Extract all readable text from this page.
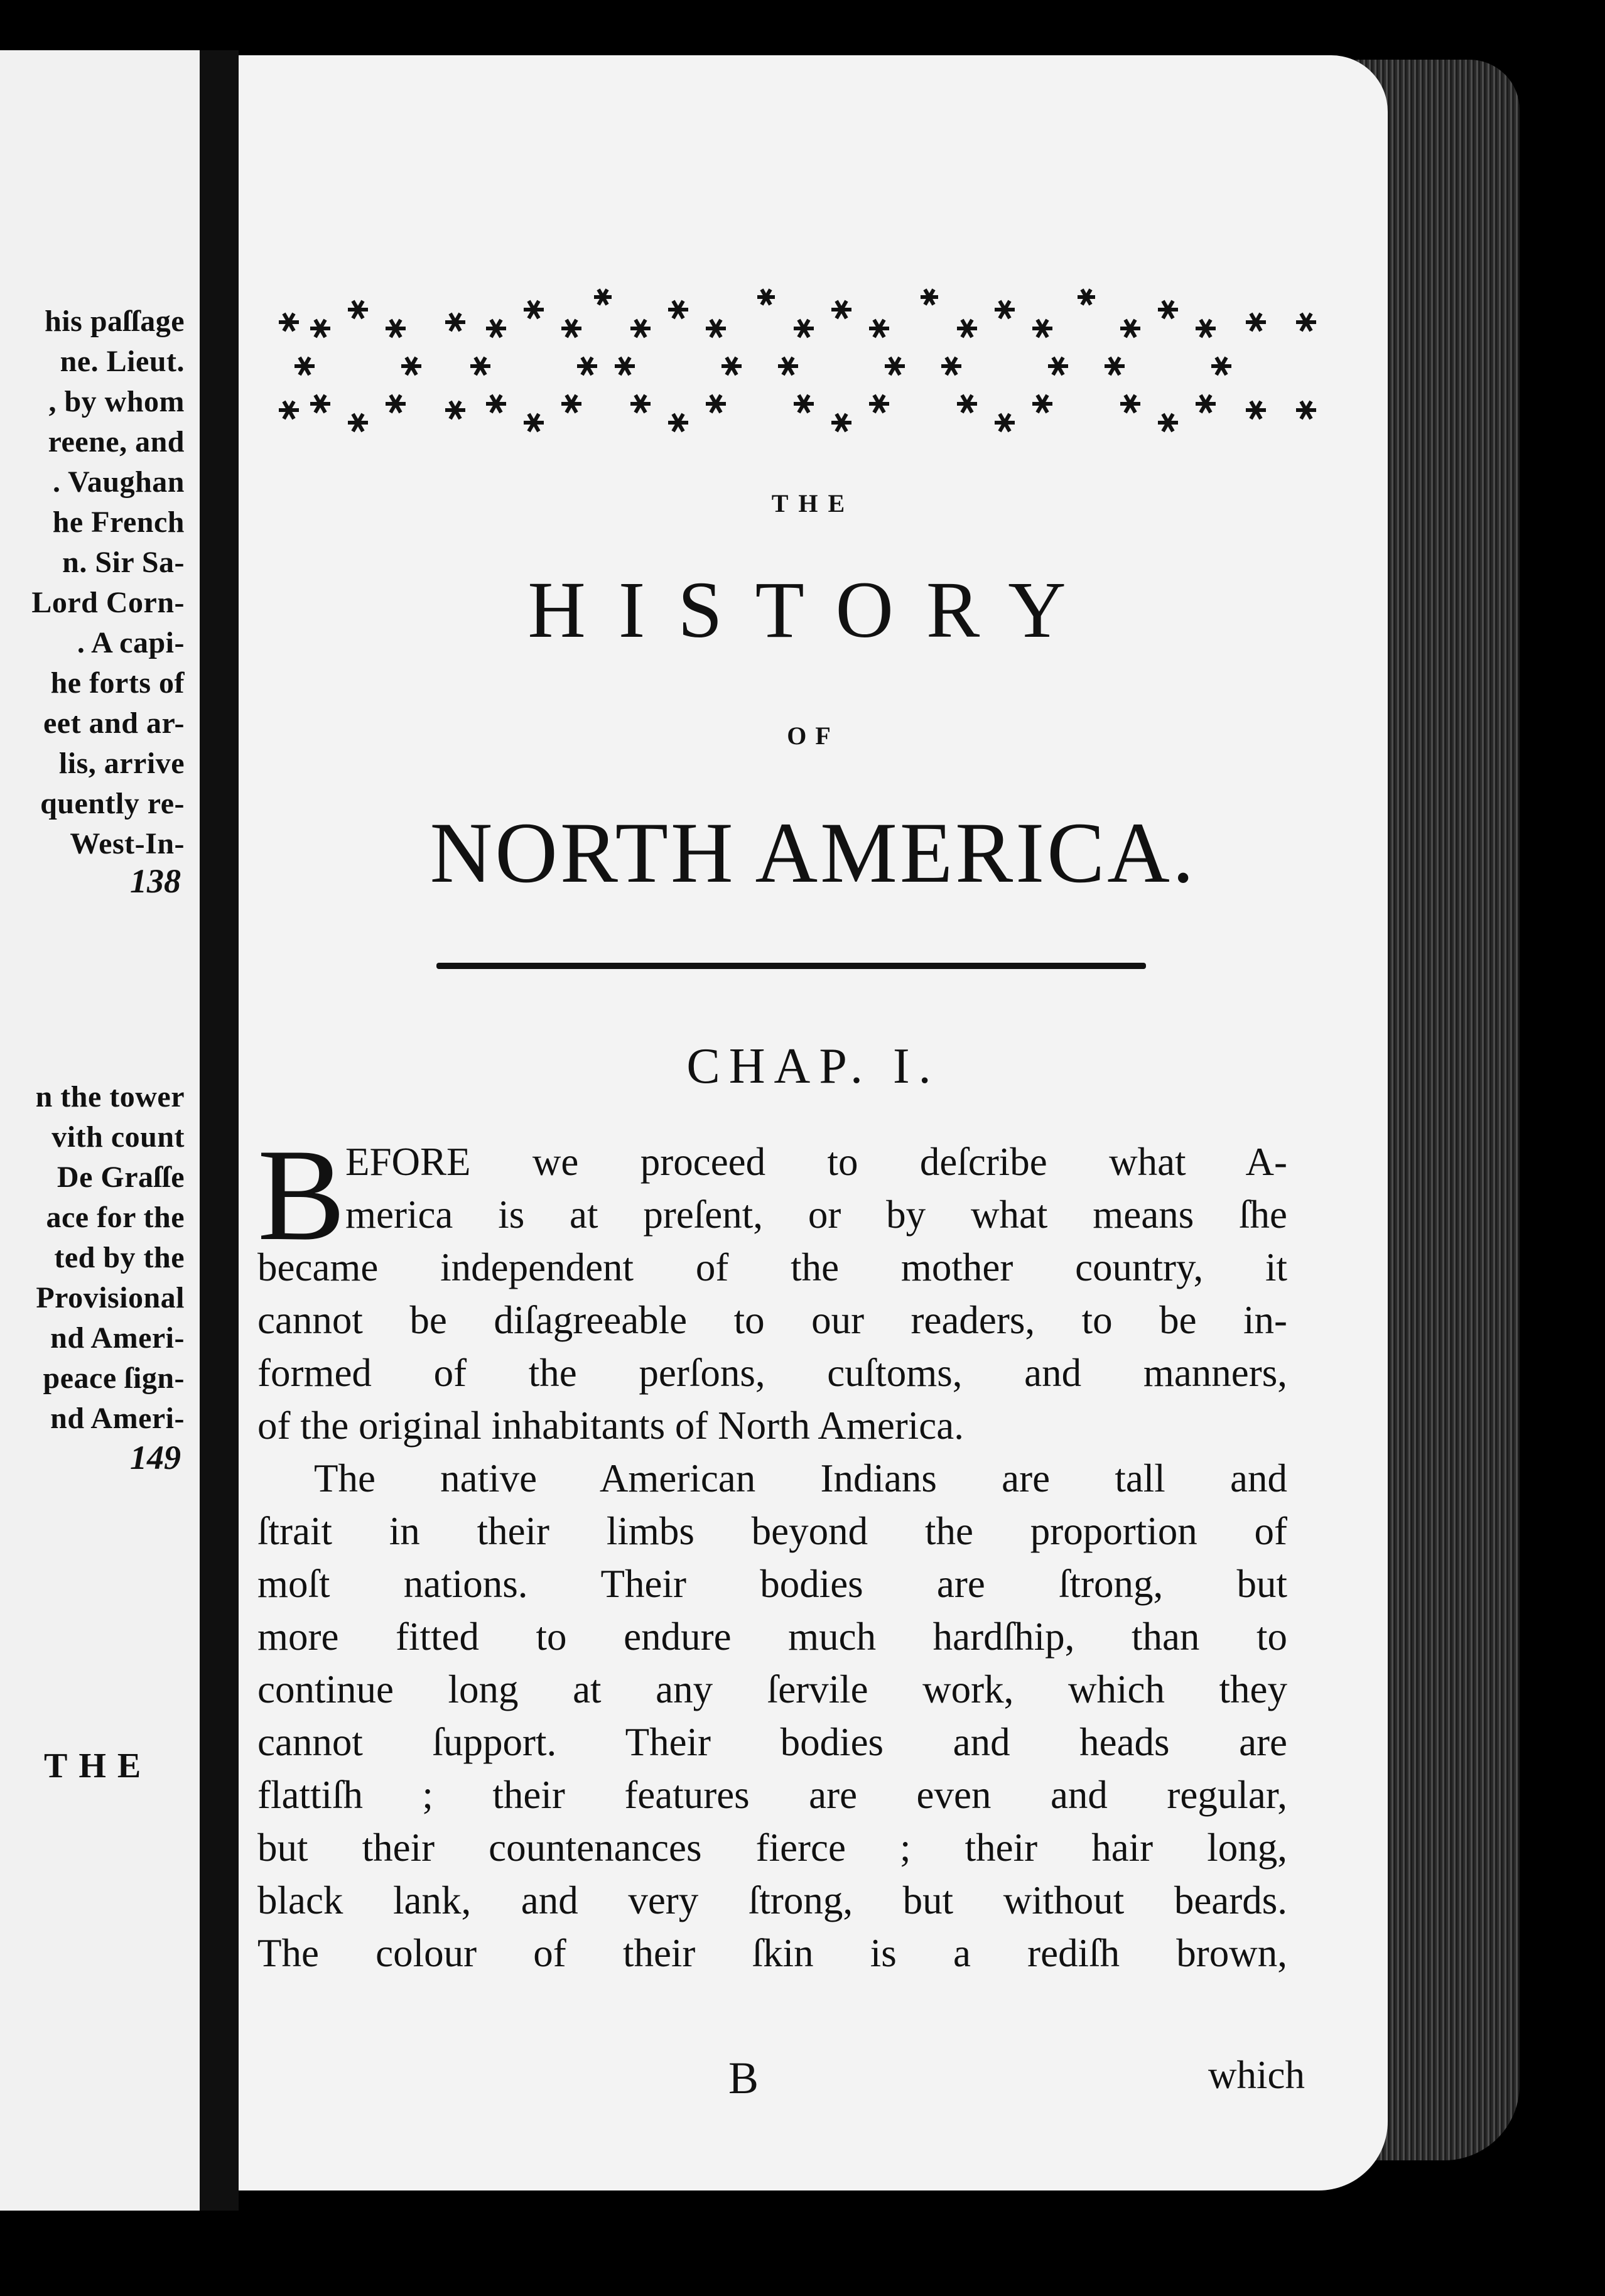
his paſſage
ne. Lieut.
, by whom
reene, and
. Vaughan
he French
n. Sir Sa-
Lord Corn-
. A capi-
he forts of
eet and ar-
lis, arrive
quently re-
West-In-
138
n the tower
vith count
De Graſſe
ace for the
ted by the
Provisional
nd Ameri-
peace ſign-
nd Ameri-
149
THE
THE
HISTORY
OF
NORTH AMERICA.
CHAP. I.
B EFORE we proceed to deſcribe what A-
merica is at preſent, or by what means ſhe
became independent of the mother country, it
cannot be diſagreeable to our readers, to be in-
formed of the perſons, cuſtoms, and manners,
of the original inhabitants of North America.
The native American Indians are tall and
ſtrait in their limbs beyond the proportion of
moſt nations. Their bodies are ſtrong, but
more fitted to endure much hardſhip, than to
continue long at any ſervile work, which they
cannot ſupport. Their bodies and heads are
flattiſh ; their features are even and regular,
but their countenances fierce ; their hair long,
black lank, and very ſtrong, but without beards.
The colour of their ſkin is a rediſh brown,
B	which
